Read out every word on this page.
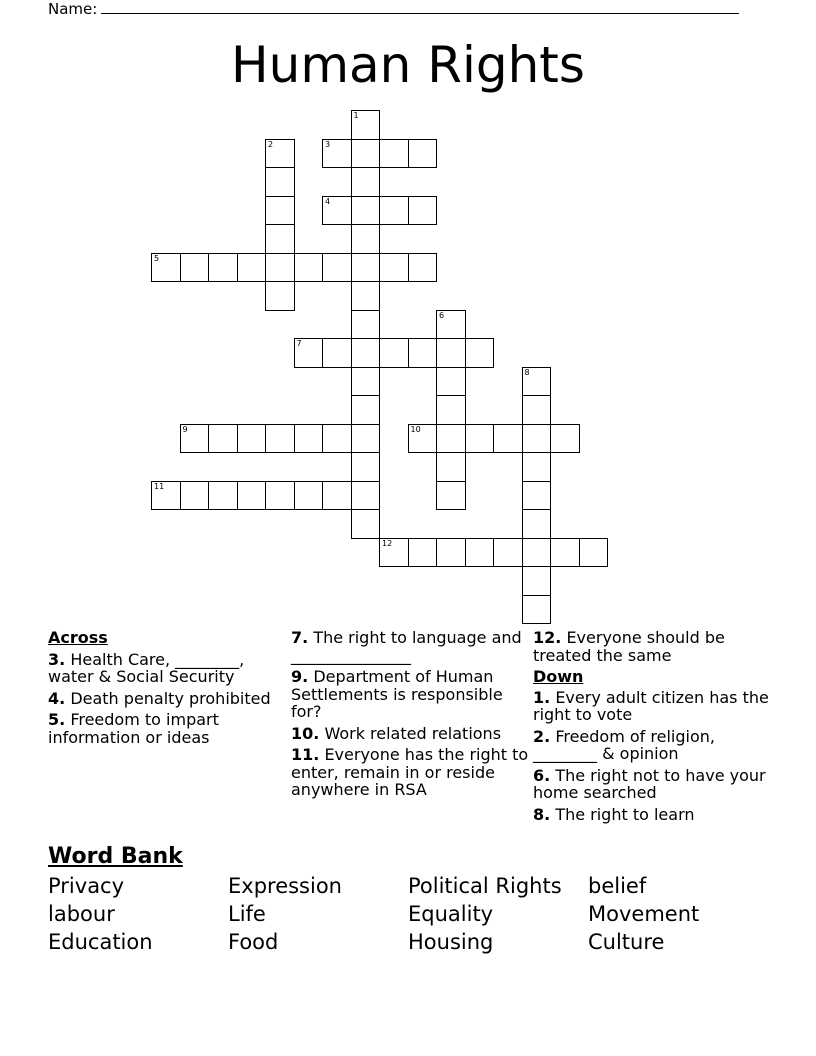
Name:
Human Rights
1
2	3
4
5
6
7
8
9	10
11
12
Across
3. Health Care, ________, water & Social Security
4. Death penalty prohibited
5. Freedom to impart information or ideas
7. The right to language and _______________
9. Department of Human Settlements is responsible for?
10. Work related relations
11. Everyone has the right to enter, remain in or reside anywhere in RSA
12. Everyone should be treated the same
Down
1. Every adult citizen has the right to vote
2. Freedom of religion, ________ & opinion
6. The right not to have your home searched
8. The right to learn
Word Bank
Privacy	Expression	Political Rights	belief
labour	Life	Equality	Movement
Education	Food	Housing	Culture
